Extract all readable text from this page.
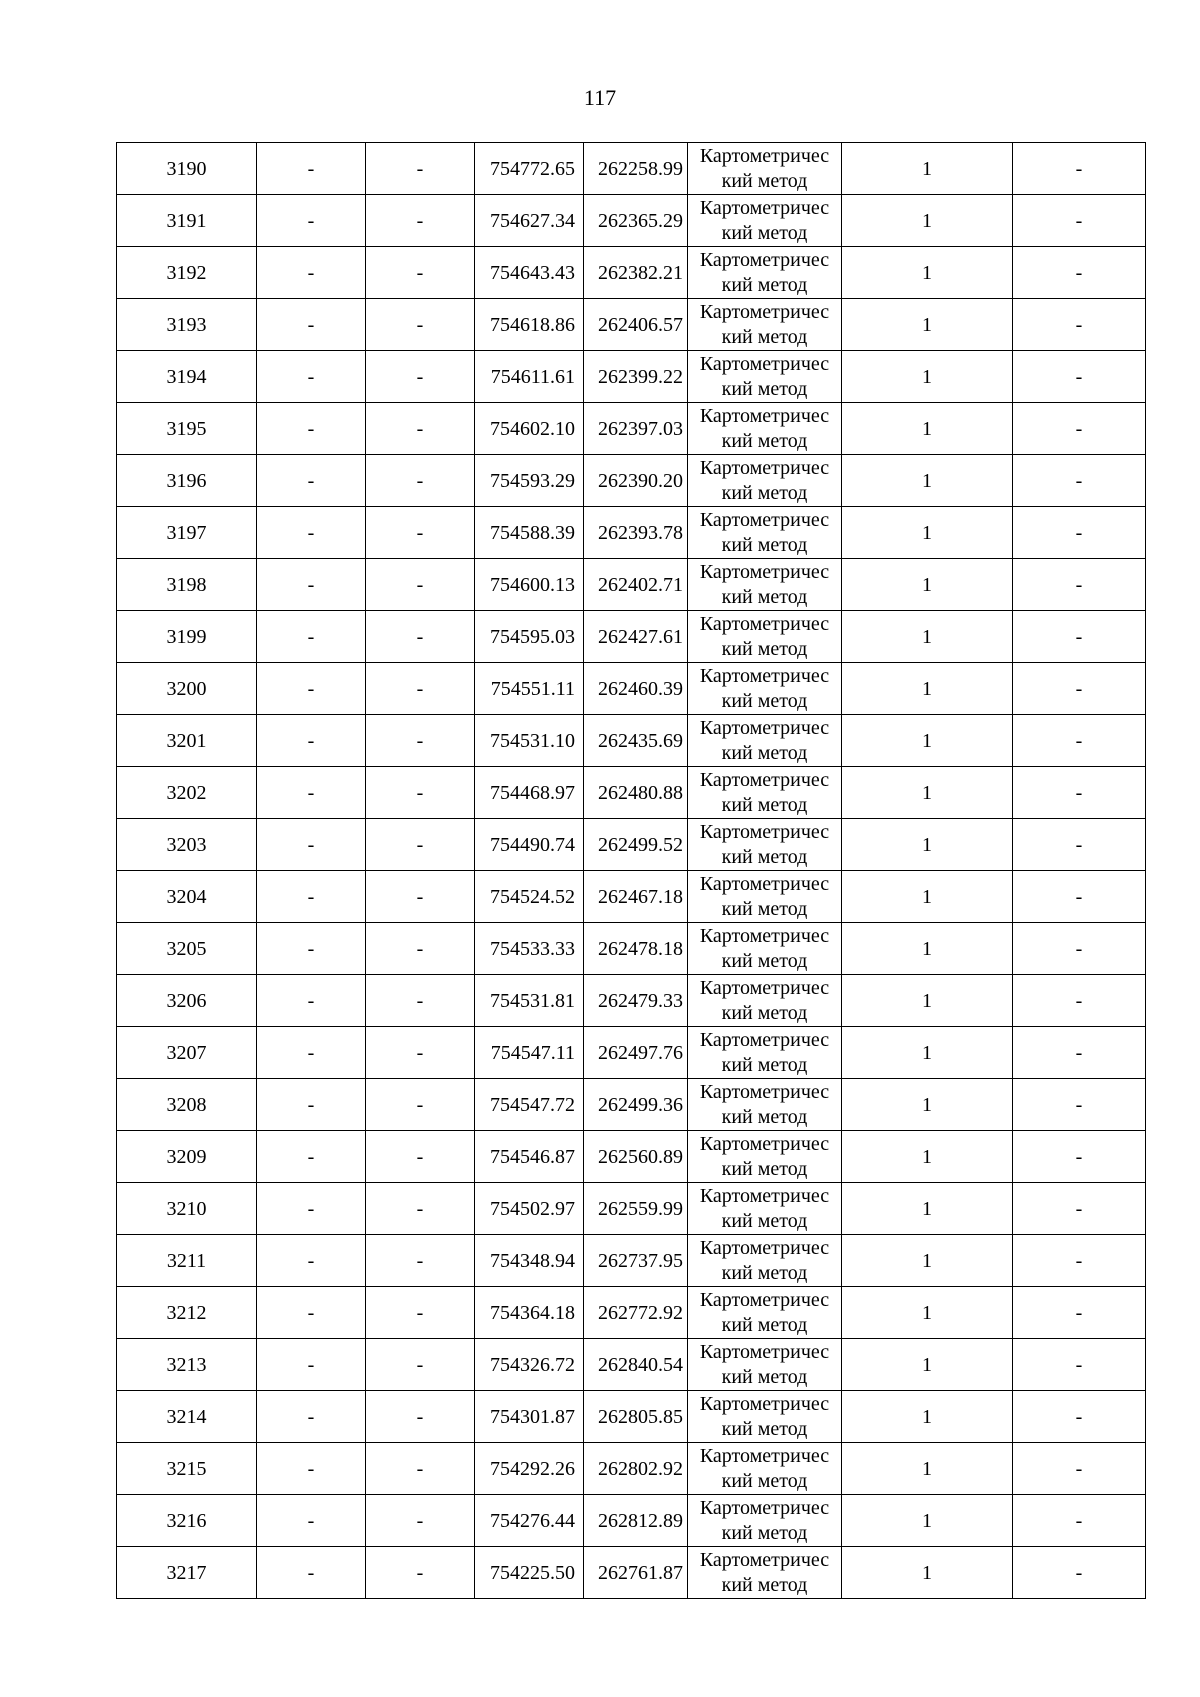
117
3190	-	-	754772.65	262258.99	Картометричес
кий метод	1	-
3191	-	-	754627.34	262365.29	Картометричес
кий метод	1	-
3192	-	-	754643.43	262382.21	Картометричес
кий метод	1	-
3193	-	-	754618.86	262406.57	Картометричес
кий метод	1	-
3194	-	-	754611.61	262399.22	Картометричес
кий метод	1	-
3195	-	-	754602.10	262397.03	Картометричес
кий метод	1	-
3196	-	-	754593.29	262390.20	Картометричес
кий метод	1	-
3197	-	-	754588.39	262393.78	Картометричес
кий метод	1	-
3198	-	-	754600.13	262402.71	Картометричес
кий метод	1	-
3199	-	-	754595.03	262427.61	Картометричес
кий метод	1	-
3200	-	-	754551.11	262460.39	Картометричес
кий метод	1	-
3201	-	-	754531.10	262435.69	Картометричес
кий метод	1	-
3202	-	-	754468.97	262480.88	Картометричес
кий метод	1	-
3203	-	-	754490.74	262499.52	Картометричес
кий метод	1	-
3204	-	-	754524.52	262467.18	Картометричес
кий метод	1	-
3205	-	-	754533.33	262478.18	Картометричес
кий метод	1	-
3206	-	-	754531.81	262479.33	Картометричес
кий метод	1	-
3207	-	-	754547.11	262497.76	Картометричес
кий метод	1	-
3208	-	-	754547.72	262499.36	Картометричес
кий метод	1	-
3209	-	-	754546.87	262560.89	Картометричес
кий метод	1	-
3210	-	-	754502.97	262559.99	Картометричес
кий метод	1	-
3211	-	-	754348.94	262737.95	Картометричес
кий метод	1	-
3212	-	-	754364.18	262772.92	Картометричес
кий метод	1	-
3213	-	-	754326.72	262840.54	Картометричес
кий метод	1	-
3214	-	-	754301.87	262805.85	Картометричес
кий метод	1	-
3215	-	-	754292.26	262802.92	Картометричес
кий метод	1	-
3216	-	-	754276.44	262812.89	Картометричес
кий метод	1	-
3217	-	-	754225.50	262761.87	Картометричес
кий метод	1	-
